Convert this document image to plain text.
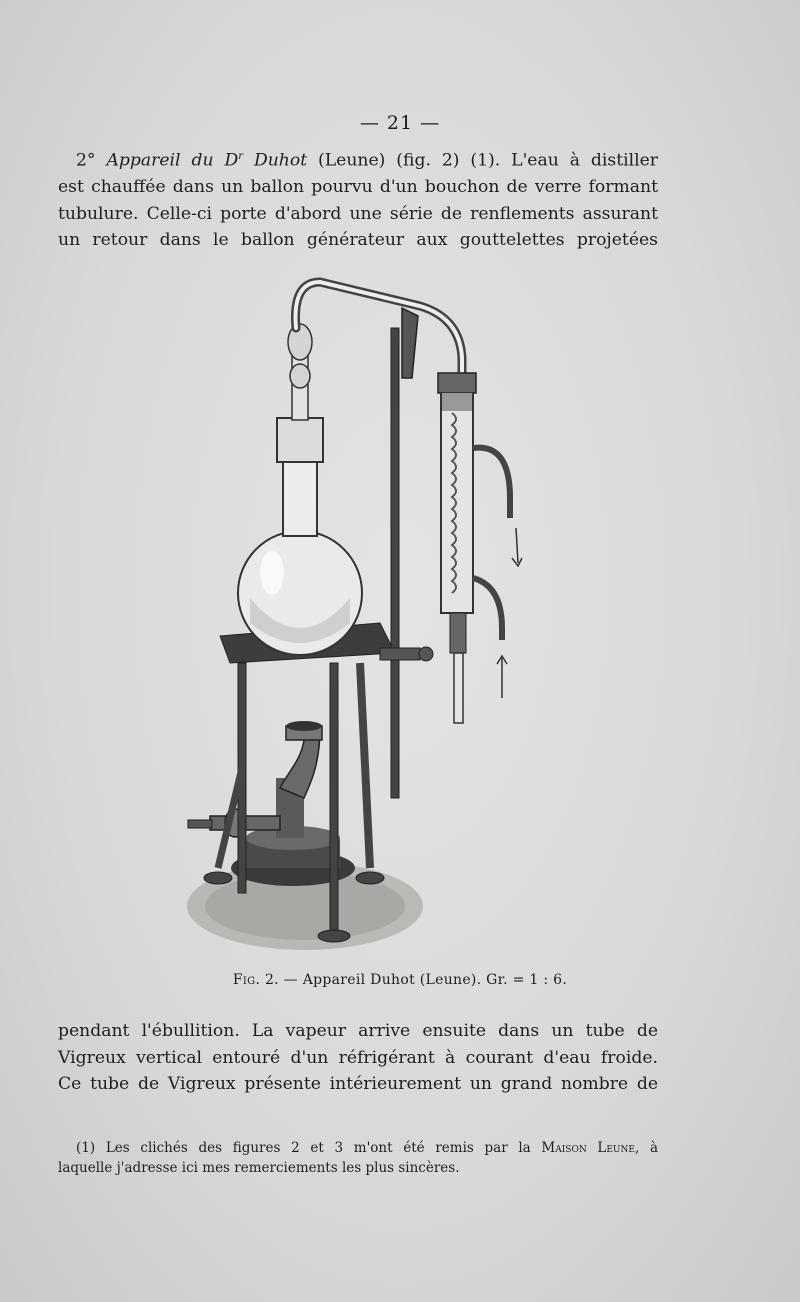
— 21 —
2° Appareil du $D^r$ Duhot (Leune) (fig. 2) (1). L'eau à distiller
est chauffée dans un ballon pourvu d'un bouchon de verre formant
tubulure. Celle-ci porte d'abord une série de renflements assurant
un retour dans le ballon générateur aux gouttelettes projetées
Fig. 2. — Appareil Duhot (Leune). Gr. = 1 : 6.
pendant l'ébullition. La vapeur arrive ensuite dans un tube de
Vigreux vertical entouré d'un réfrigérant à courant d'eau froide.
Ce tube de Vigreux présente intérieurement un grand nombre de
(1) Les clichés des figures 2 et 3 m'ont été remis par la Maison Leune, à
laquelle j'adresse ici mes remerciements les plus sincères.
